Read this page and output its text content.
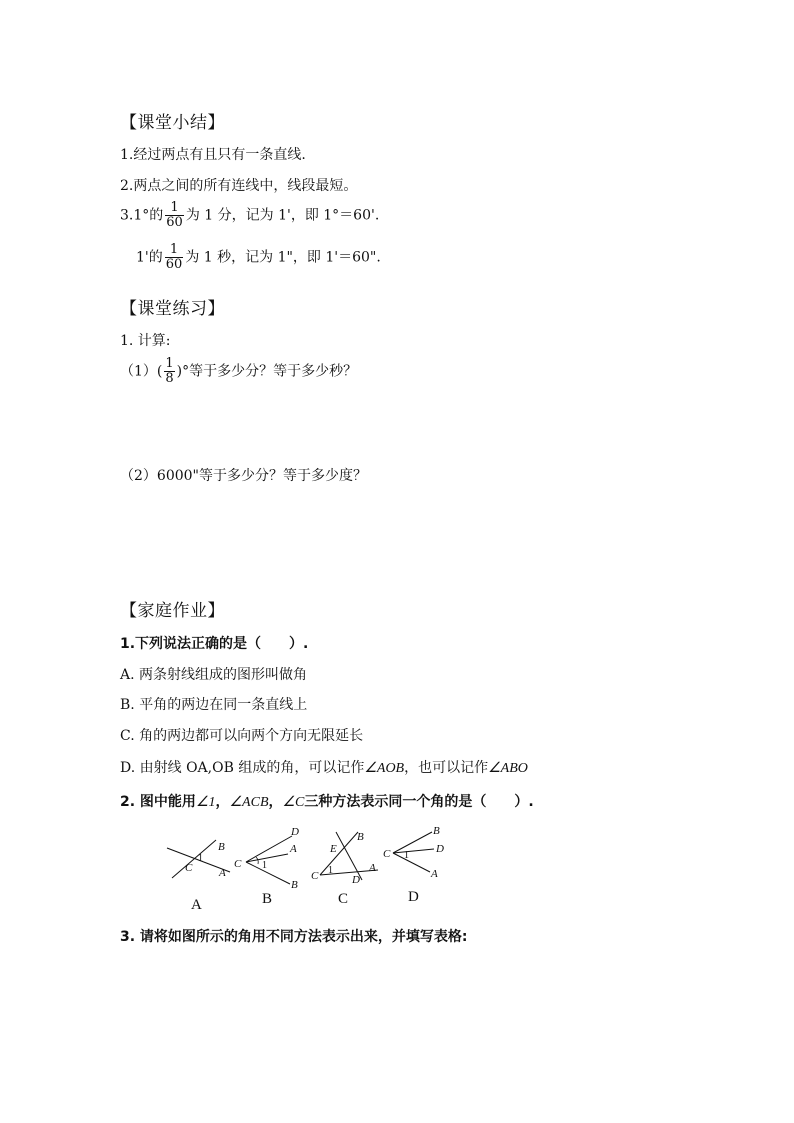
【课堂小结】
1.经过两点有且只有一条直线.
2.两点之间的所有连线中，线段最短。
3.1°的 $\frac{1}{60}$ 为 1 分，记为 1'，即 1°＝60'.
1'的 $\frac{1}{60}$ 为 1 秒，记为 1"，即 1'＝60".
【课堂练习】
1. 计算:
$(1)( \frac{1}{8}$ )°等于多少分？等于多少秒？
（2）6000"等于多少分？等于多少度？
【家庭作业】
1.下列说法正确的是（　　）.
A. 两条射线组成的图形叫做角
B. 平角的两边在同一条直线上
C. 角的两边都可以向两个方向无限延长
D. 由射线 OA,OB 组成的角，可以记作∠AOB，也可以记作∠ABO
2. 图中能用∠1，∠ACB，∠C三种方法表示同一个角的是（　　）.
B
C A
1	C
D
A
B
1
C
E
B
A
D
1
C
B
D
A
1
A	B	C	D
3. 请将如图所示的角用不同方法表示出来，并填写表格:
